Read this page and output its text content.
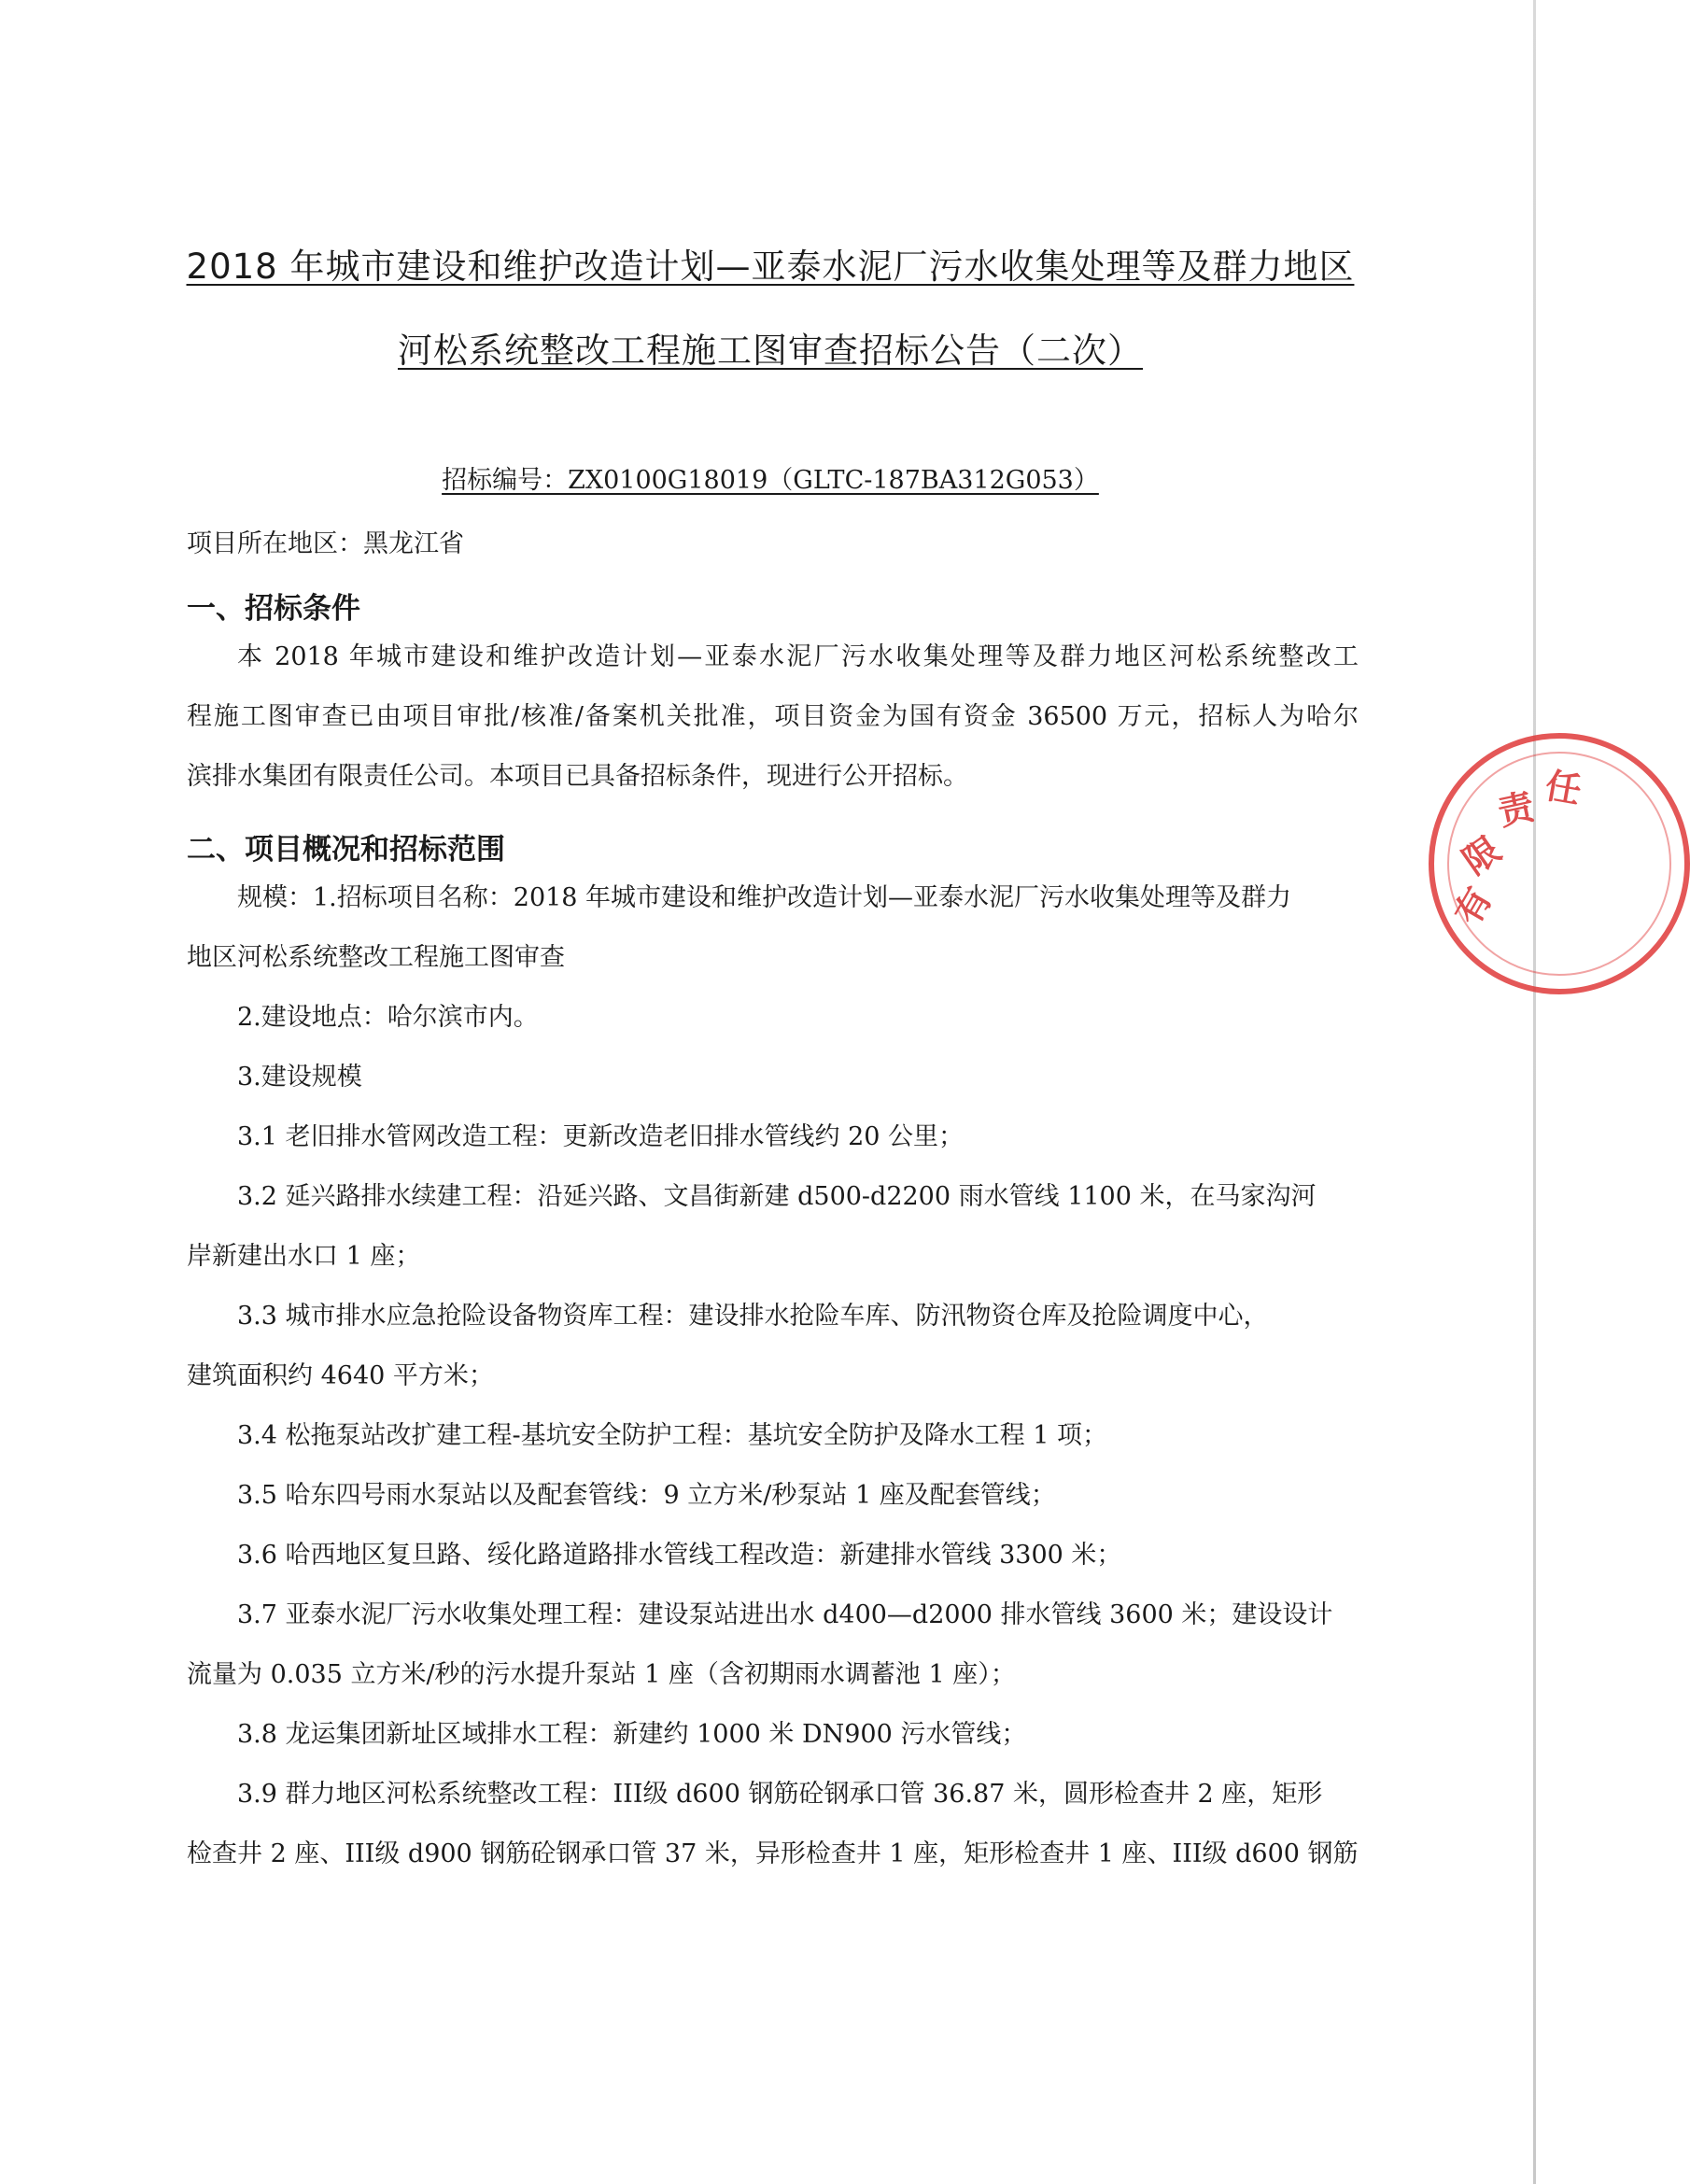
2018 年城市建设和维护改造计划—亚泰水泥厂污水收集处理等及群力地区
河松系统整改工程施工图审查招标公告（二次）
招标编号：ZX0100G18019（GLTC-187BA312G053）
项目所在地区：黑龙江省
一、招标条件
本 2018 年城市建设和维护改造计划—亚泰水泥厂污水收集处理等及群力地区河松系统整改工
程施工图审查已由项目审批/核准/备案机关批准，项目资金为国有资金 36500 万元，招标人为哈尔
滨排水集团有限责任公司。本项目已具备招标条件，现进行公开招标。
二、项目概况和招标范围
规模：1.招标项目名称：2018 年城市建设和维护改造计划—亚泰水泥厂污水收集处理等及群力
地区河松系统整改工程施工图审查
2.建设地点：哈尔滨市内。
3.建设规模
3.1 老旧排水管网改造工程：更新改造老旧排水管线约 20 公里；
3.2 延兴路排水续建工程：沿延兴路、文昌街新建 d500-d2200 雨水管线 1100 米，在马家沟河
岸新建出水口 1 座；
3.3 城市排水应急抢险设备物资库工程：建设排水抢险车库、防汛物资仓库及抢险调度中心，
建筑面积约 4640 平方米；
3.4 松拖泵站改扩建工程-基坑安全防护工程：基坑安全防护及降水工程 1 项；
3.5 哈东四号雨水泵站以及配套管线：9 立方米/秒泵站 1 座及配套管线；
3.6 哈西地区复旦路、绥化路道路排水管线工程改造：新建排水管线 3300 米；
3.7 亚泰水泥厂污水收集处理工程：建设泵站进出水 d400—d2000 排水管线 3600 米；建设设计
流量为 0.035 立方米/秒的污水提升泵站 1 座（含初期雨水调蓄池 1 座）；
3.8 龙运集团新址区域排水工程：新建约 1000 米 DN900 污水管线；
3.9 群力地区河松系统整改工程：III级 d600 钢筋砼钢承口管 36.87 米，圆形检查井 2 座，矩形
检查井 2 座、III级 d900 钢筋砼钢承口管 37 米，异形检查井 1 座，矩形检查井 1 座、III级 d600 钢筋
有
限
责 任
